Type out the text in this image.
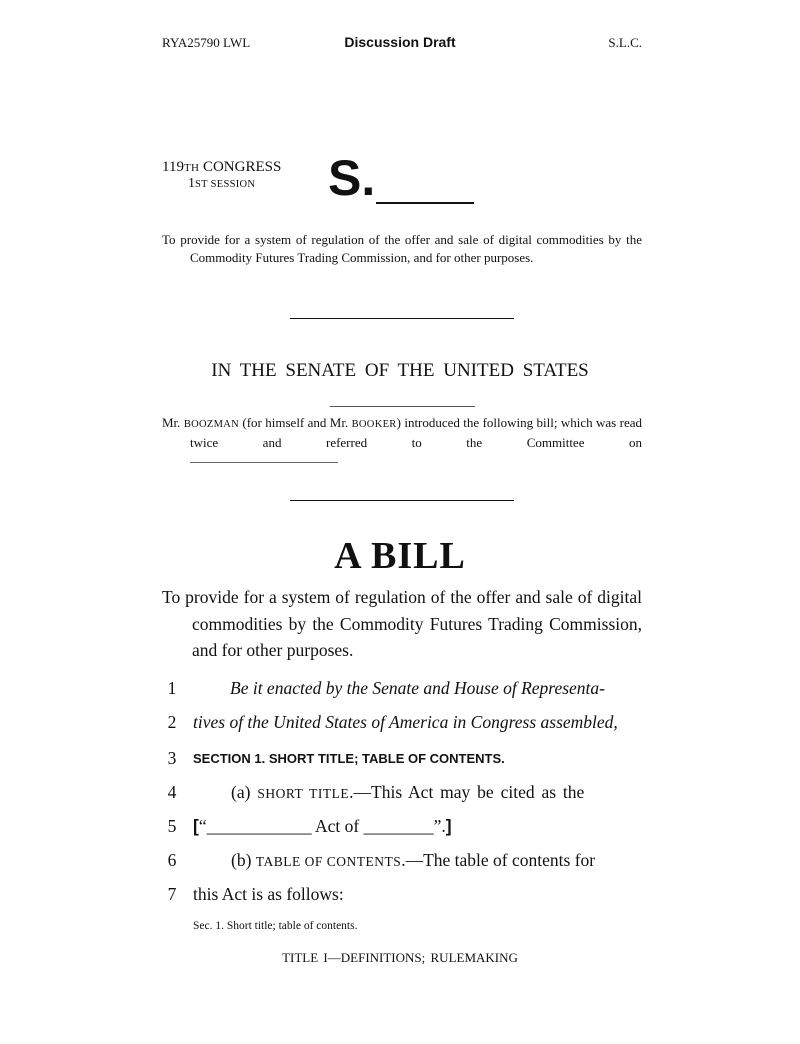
RYA25790 LWL	Discussion Draft	S.L.C.
119TH CONGRESS
1ST SESSION S.
To provide for a system of regulation of the offer and sale of digital commodities by the Commodity Futures Trading Commission, and for other purposes.
IN THE SENATE OF THE UNITED STATES
Mr. BOOZMAN (for himself and Mr. BOOKER) introduced the following bill; which was read twice and referred to the Committee on
A BILL
To provide for a system of regulation of the offer and sale of digital commodities by the Commodity Futures Trading Commission, and for other purposes.
1	Be it enacted by the Senate and House of Representa-
2 tives of the United States of America in Congress assembled,
3	SECTION 1. SHORT TITLE; TABLE OF CONTENTS.
4	(a) SHORT TITLE.—This Act may be cited as the
5 [“____________ Act of ________”.]
6	(b) TABLE OF CONTENTS.—The table of contents for
7 this Act is as follows:
Sec. 1. Short title; table of contents.
TITLE I—DEFINITIONS; RULEMAKING
